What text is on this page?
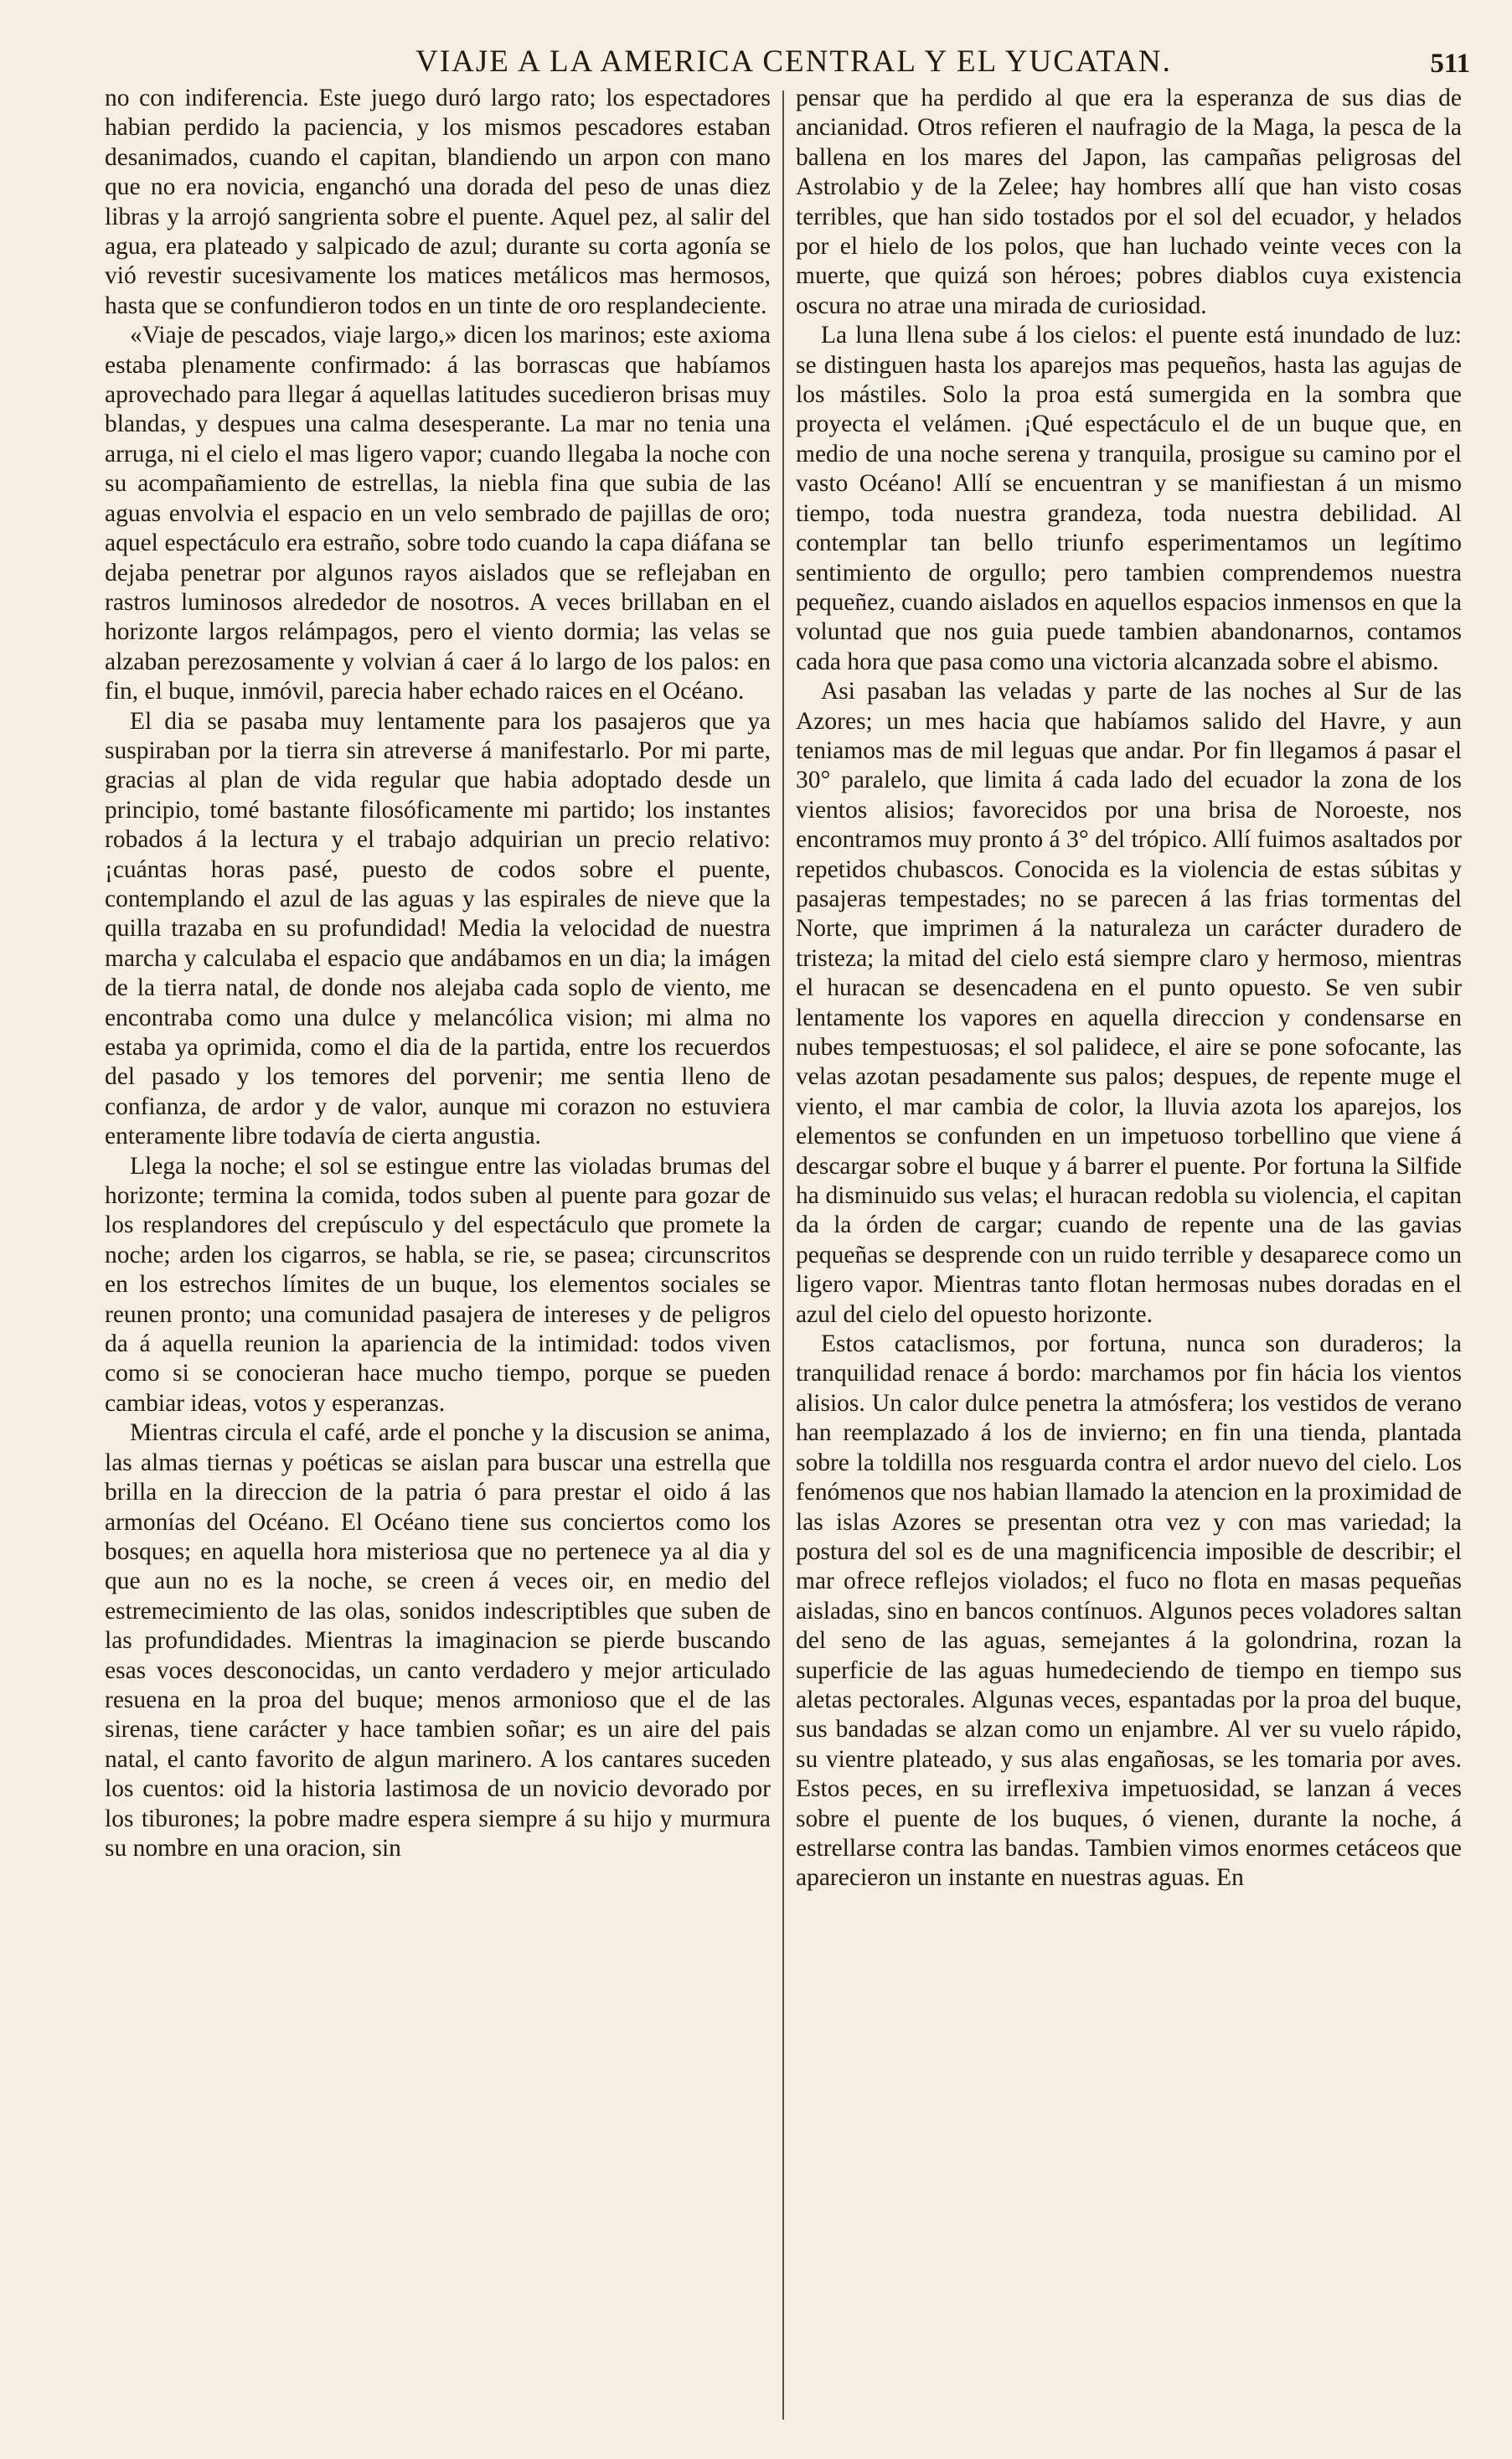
VIAJE A LA AMERICA CENTRAL Y EL YUCATAN.	511

no con indiferencia. Este juego duró largo rato; los espectadores habian perdido la paciencia, y los mismos pescadores estaban desanimados, cuando el capitan, blandiendo un arpon con mano que no era novicia, enganchó una dorada del peso de unas diez libras y la arrojó sangrienta sobre el puente. Aquel pez, al salir del agua, era plateado y salpicado de azul; durante su corta agonía se vió revestir sucesivamente los matices metálicos mas hermosos, hasta que se confundieron todos en un tinte de oro resplandeciente.

«Viaje de pescados, viaje largo,» dicen los marinos; este axioma estaba plenamente confirmado: á las borrascas que habíamos aprovechado para llegar á aquellas latitudes sucedieron brisas muy blandas, y despues una calma desesperante. La mar no tenia una arruga, ni el cielo el mas ligero vapor; cuando llegaba la noche con su acompañamiento de estrellas, la niebla fina que subia de las aguas envolvia el espacio en un velo sembrado de pajillas de oro; aquel espectáculo era estraño, sobre todo cuando la capa diáfana se dejaba penetrar por algunos rayos aislados que se reflejaban en rastros luminosos alrededor de nosotros. A veces brillaban en el horizonte largos relámpagos, pero el viento dormia; las velas se alzaban perezosamente y volvian á caer á lo largo de los palos: en fin, el buque, inmóvil, parecia haber echado raices en el Océano.

El dia se pasaba muy lentamente para los pasajeros que ya suspiraban por la tierra sin atreverse á manifestarlo. Por mi parte, gracias al plan de vida regular que habia adoptado desde un principio, tomé bastante filosóficamente mi partido; los instantes robados á la lectura y el trabajo adquirian un precio relativo: ¡cuántas horas pasé, puesto de codos sobre el puente, contemplando el azul de las aguas y las espirales de nieve que la quilla trazaba en su profundidad! Media la velocidad de nuestra marcha y calculaba el espacio que andábamos en un dia; la imágen de la tierra natal, de donde nos alejaba cada soplo de viento, me encontrabа como una dulce y melancólica vision; mi alma no estaba ya oprimida, como el dia de la partida, entre los recuerdos del pasado y los temores del porvenir; me sentia lleno de confianza, de ardor y de valor, aunque mi corazon no estuviera enteramente libre todavía de cierta angustia.

Llega la noche; el sol se estingue entre las violadas brumas del horizonte; termina la comida, todos suben al puente para gozar de los resplandores del crepúsculo y del espectáculo que promete la noche; arden los cigarros, se habla, se rie, se pasea; circunscritos en los estrechos límites de un buque, los elementos sociales se reunen pronto; una comunidad pasajera de intereses y de peligros da á aquella reunion la apariencia de la intimidad: todos viven como si se conocieran hace mucho tiempo, porque se pueden cambiar ideas, votos y esperanzas.

Mientras circula el café, arde el ponche y la discusion se anima, las almas tiernas y poéticas se aislan para buscar una estrella que brilla en la direccion de la patria ó para prestar el oido á las armonías del Océano. El Océano tiene sus conciertos como los bosques; en aquella hora misteriosa que no pertenece ya al dia y que aun no es la noche, se creen á veces oir, en medio del estremecimiento de las olas, sonidos indescriptibles que suben de las profundidades. Mientras la imaginacion se pierde buscando esas voces desconocidas, un canto verdadero y mejor articulado resuena en la proa del buque; menos armonioso que el de las sirenas, tiene carácter y hace tambien soñar; es un aire del pais natal, el canto favorito de algun marinero. A los cantares suceden los cuentos: oid la historia lastimosa de un novicio devorado por los tiburones; la pobre madre espera siempre á su hijo y murmura su nombre en una oracion, sin

pensar que ha perdido al que era la esperanza de sus dias de ancianidad. Otros refieren el naufragio de la Maga, la pesca de la ballena en los mares del Japon, las campañas peligrosas del Astrolabio y de la Zelee; hay hombres allí que han visto cosas terribles, que han sido tostados por el sol del ecuador, y helados por el hielo de los polos, que han luchado veinte veces con la muerte, que quizá son héroes; pobres diablos cuya existencia oscura no atrae una mirada de curiosidad.

La luna llena sube á los cielos: el puente está inundado de luz: se distinguen hasta los aparejos mas pequeños, hasta las agujas de los mástiles. Solo la proa está sumergida en la sombra que proyecta el velámen. ¡Qué espectáculo el de un buque que, en medio de una noche serena y tranquila, prosigue su camino por el vasto Océano! Allí se encuentran y se manifiestan á un mismo tiempo, toda nuestra grandeza, toda nuestra debilidad. Al contemplar tan bello triunfo esperimentamos un legítimo sentimiento de orgullo; pero tambien comprendemos nuestra pequeñez, cuando aislados en aquellos espacios inmensos en que la voluntad que nos guia puede tambien abandonarnos, contamos cada hora que pasa como una victoria alcanzada sobre el abismo.

Asi pasaban las veladas y parte de las noches al Sur de las Azores; un mes hacia que habíamos salido del Havre, y aun teniamos mas de mil leguas que andar. Por fin llegamos á pasar el 30° paralelo, que limita á cada lado del ecuador la zona de los vientos alisios; favorecidos por una brisa de Noroeste, nos encontramos muy pronto á 3° del trópico. Allí fuimos asaltados por repetidos chubascos. Conocida es la violencia de estas súbitas y pasajeras tempestades; no se parecen á las frias tormentas del Norte, que imprimen á la naturaleza un carácter duradero de tristeza; la mitad del cielo está siempre claro y hermoso, mientras el huracan se desencadena en el punto opuesto. Se ven subir lentamente los vapores en aquella direccion y condensarse en nubes tempestuosas; el sol palidece, el aire se pone sofocante, las velas azotan pesadamente sus palos; despues, de repente muge el viento, el mar cambia de color, la lluvia azota los aparejos, los elementos se confunden en un impetuoso torbellino que viene á descargar sobre el buque y á barrer el puente. Por fortuna la Silfide ha disminuido sus velas; el huracan redobla su violencia, el capitan da la órden de cargar; cuando de repente una de las gavias pequeñas se desprende con un ruido terrible y desaparece como un ligero vapor. Mientras tanto flotan hermosas nubes doradas en el azul del cielo del opuesto horizonte.

Estos cataclismos, por fortuna, nunca son duraderos; la tranquilidad renace á bordo: marchamos por fin hácia los vientos alisios. Un calor dulce penetra la atmósfera; los vestidos de verano han reemplazado á los de invierno; en fin una tienda, plantada sobre la toldilla nos resguarda contra el ardor nuevo del cielo. Los fenómenos que nos habian llamado la atencion en la proximidad de las islas Azores se presentan otra vez y con mas variedad; la postura del sol es de una magnificencia imposible de describir; el mar ofrece reflejos violados; el fuco no flota en masas pequeñas aisladas, sino en bancos contínuos. Algunos peces voladores saltan del seno de las aguas, semejantes á la golondrina, rozan la superficie de las aguas humedeciendo de tiempo en tiempo sus aletas pectorales. Algunas veces, espantadas por la proa del buque, sus bandadas se alzan como un enjambre. Al ver su vuelo rápido, su vientre plateado, y sus alas engañosas, se les tomaria por aves. Estos peces, en su irreflexiva impetuosidad, se lanzan á veces sobre el puente de los buques, ó vienen, durante la noche, á estrellarse contra las bandas. Tambien vimos enormes cetáceos que aparecieron un instante en nuestras aguas. En
